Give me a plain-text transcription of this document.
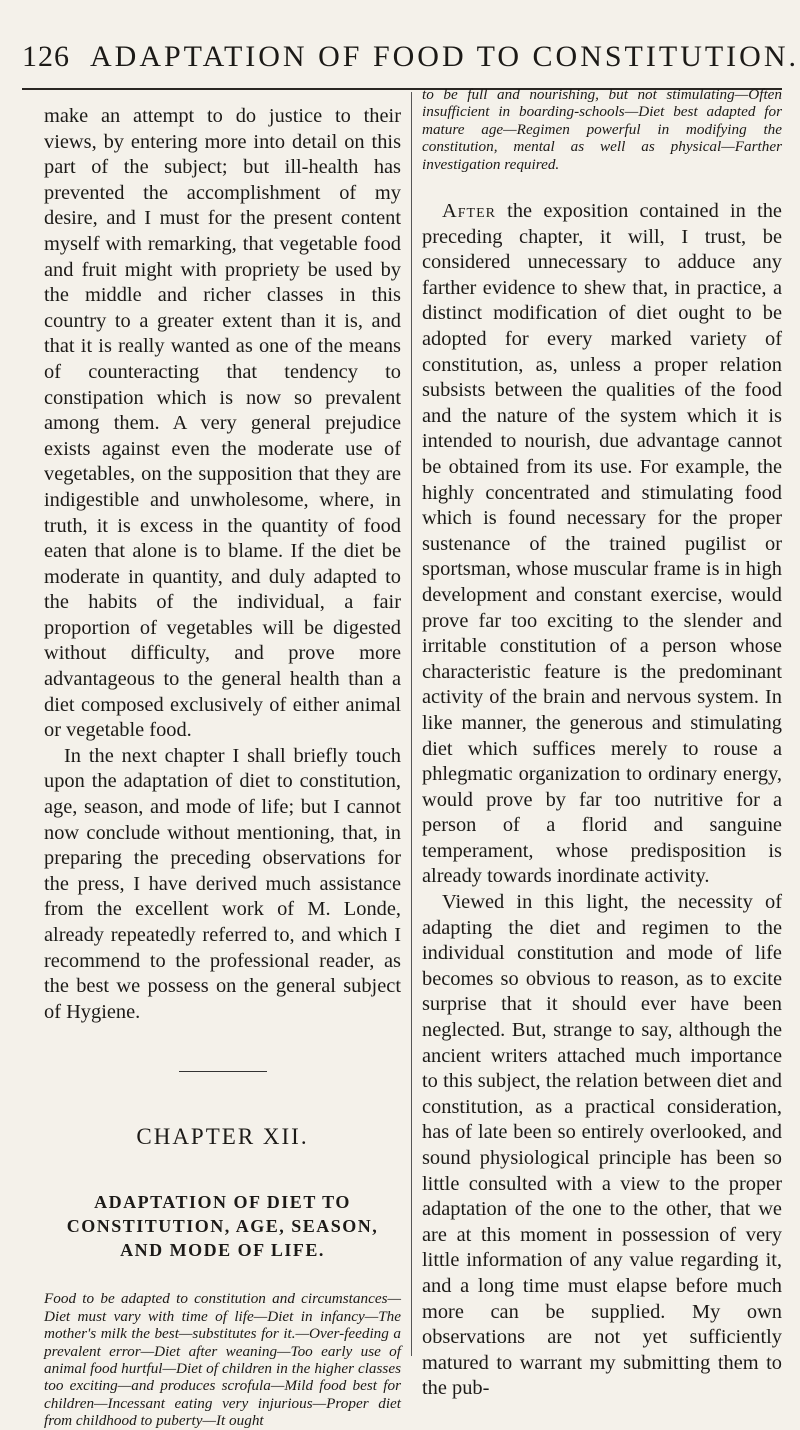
126 ADAPTATION OF FOOD TO CONSTITUTION.

make an attempt to do justice to their views, by entering more into detail on this part of the subject; but ill-health has prevented the accomplishment of my desire, and I must for the present content myself with remarking, that vegetable food and fruit might with propriety be used by the middle and richer classes in this country to a greater extent than it is, and that it is really wanted as one of the means of counteracting that tendency to constipation which is now so prevalent among them. A very general prejudice exists against even the moderate use of vegetables, on the supposition that they are indigestible and unwholesome, where, in truth, it is excess in the quantity of food eaten that alone is to blame. If the diet be moderate in quantity, and duly adapted to the habits of the individual, a fair proportion of vegetables will be digested without difficulty, and prove more advantageous to the general health than a diet composed exclusively of either animal or vegetable food.

In the next chapter I shall briefly touch upon the adaptation of diet to constitution, age, season, and mode of life; but I cannot now conclude without mentioning, that, in preparing the preceding observations for the press, I have derived much assistance from the excellent work of M. Londe, already repeatedly referred to, and which I recommend to the professional reader, as the best we possess on the general subject of Hygiene.

CHAPTER XII.

ADAPTATION OF DIET TO CONSTITUTION, AGE, SEASON, AND MODE OF LIFE.

Food to be adapted to constitution and circumstances—Diet must vary with time of life—Diet in infancy—The mother's milk the best—substitutes for it.—Over-feeding a prevalent error—Diet after weaning—Too early use of animal food hurtful—Diet of children in the higher classes too exciting—and produces scrofula—Mild food best for children—Incessant eating very injurious—Proper diet from childhood to puberty—It ought

to be full and nourishing, but not stimulating—Often insufficient in boarding-schools—Diet best adapted for mature age—Regimen powerful in modifying the constitution, mental as well as physical—Farther investigation required.

After the exposition contained in the preceding chapter, it will, I trust, be considered unnecessary to adduce any farther evidence to shew that, in practice, a distinct modification of diet ought to be adopted for every marked variety of constitution, as, unless a proper relation subsists between the qualities of the food and the nature of the system which it is intended to nourish, due advantage cannot be obtained from its use. For example, the highly concentrated and stimulating food which is found necessary for the proper sustenance of the trained pugilist or sportsman, whose muscular frame is in high development and constant exercise, would prove far too exciting to the slender and irritable constitution of a person whose characteristic feature is the predominant activity of the brain and nervous system. In like manner, the generous and stimulating diet which suffices merely to rouse a phlegmatic organization to ordinary energy, would prove by far too nutritive for a person of a florid and sanguine temperament, whose predisposition is already towards inordinate activity.

Viewed in this light, the necessity of adapting the diet and regimen to the individual constitution and mode of life becomes so obvious to reason, as to excite surprise that it should ever have been neglected. But, strange to say, although the ancient writers attached much importance to this subject, the relation between diet and constitution, as a practical consideration, has of late been so entirely overlooked, and sound physiological principle has been so little consulted with a view to the proper adaptation of the one to the other, that we are at this moment in possession of very little information of any value regarding it, and a long time must elapse before much more can be supplied. My own observations are not yet sufficiently matured to warrant my submitting them to the pub-
